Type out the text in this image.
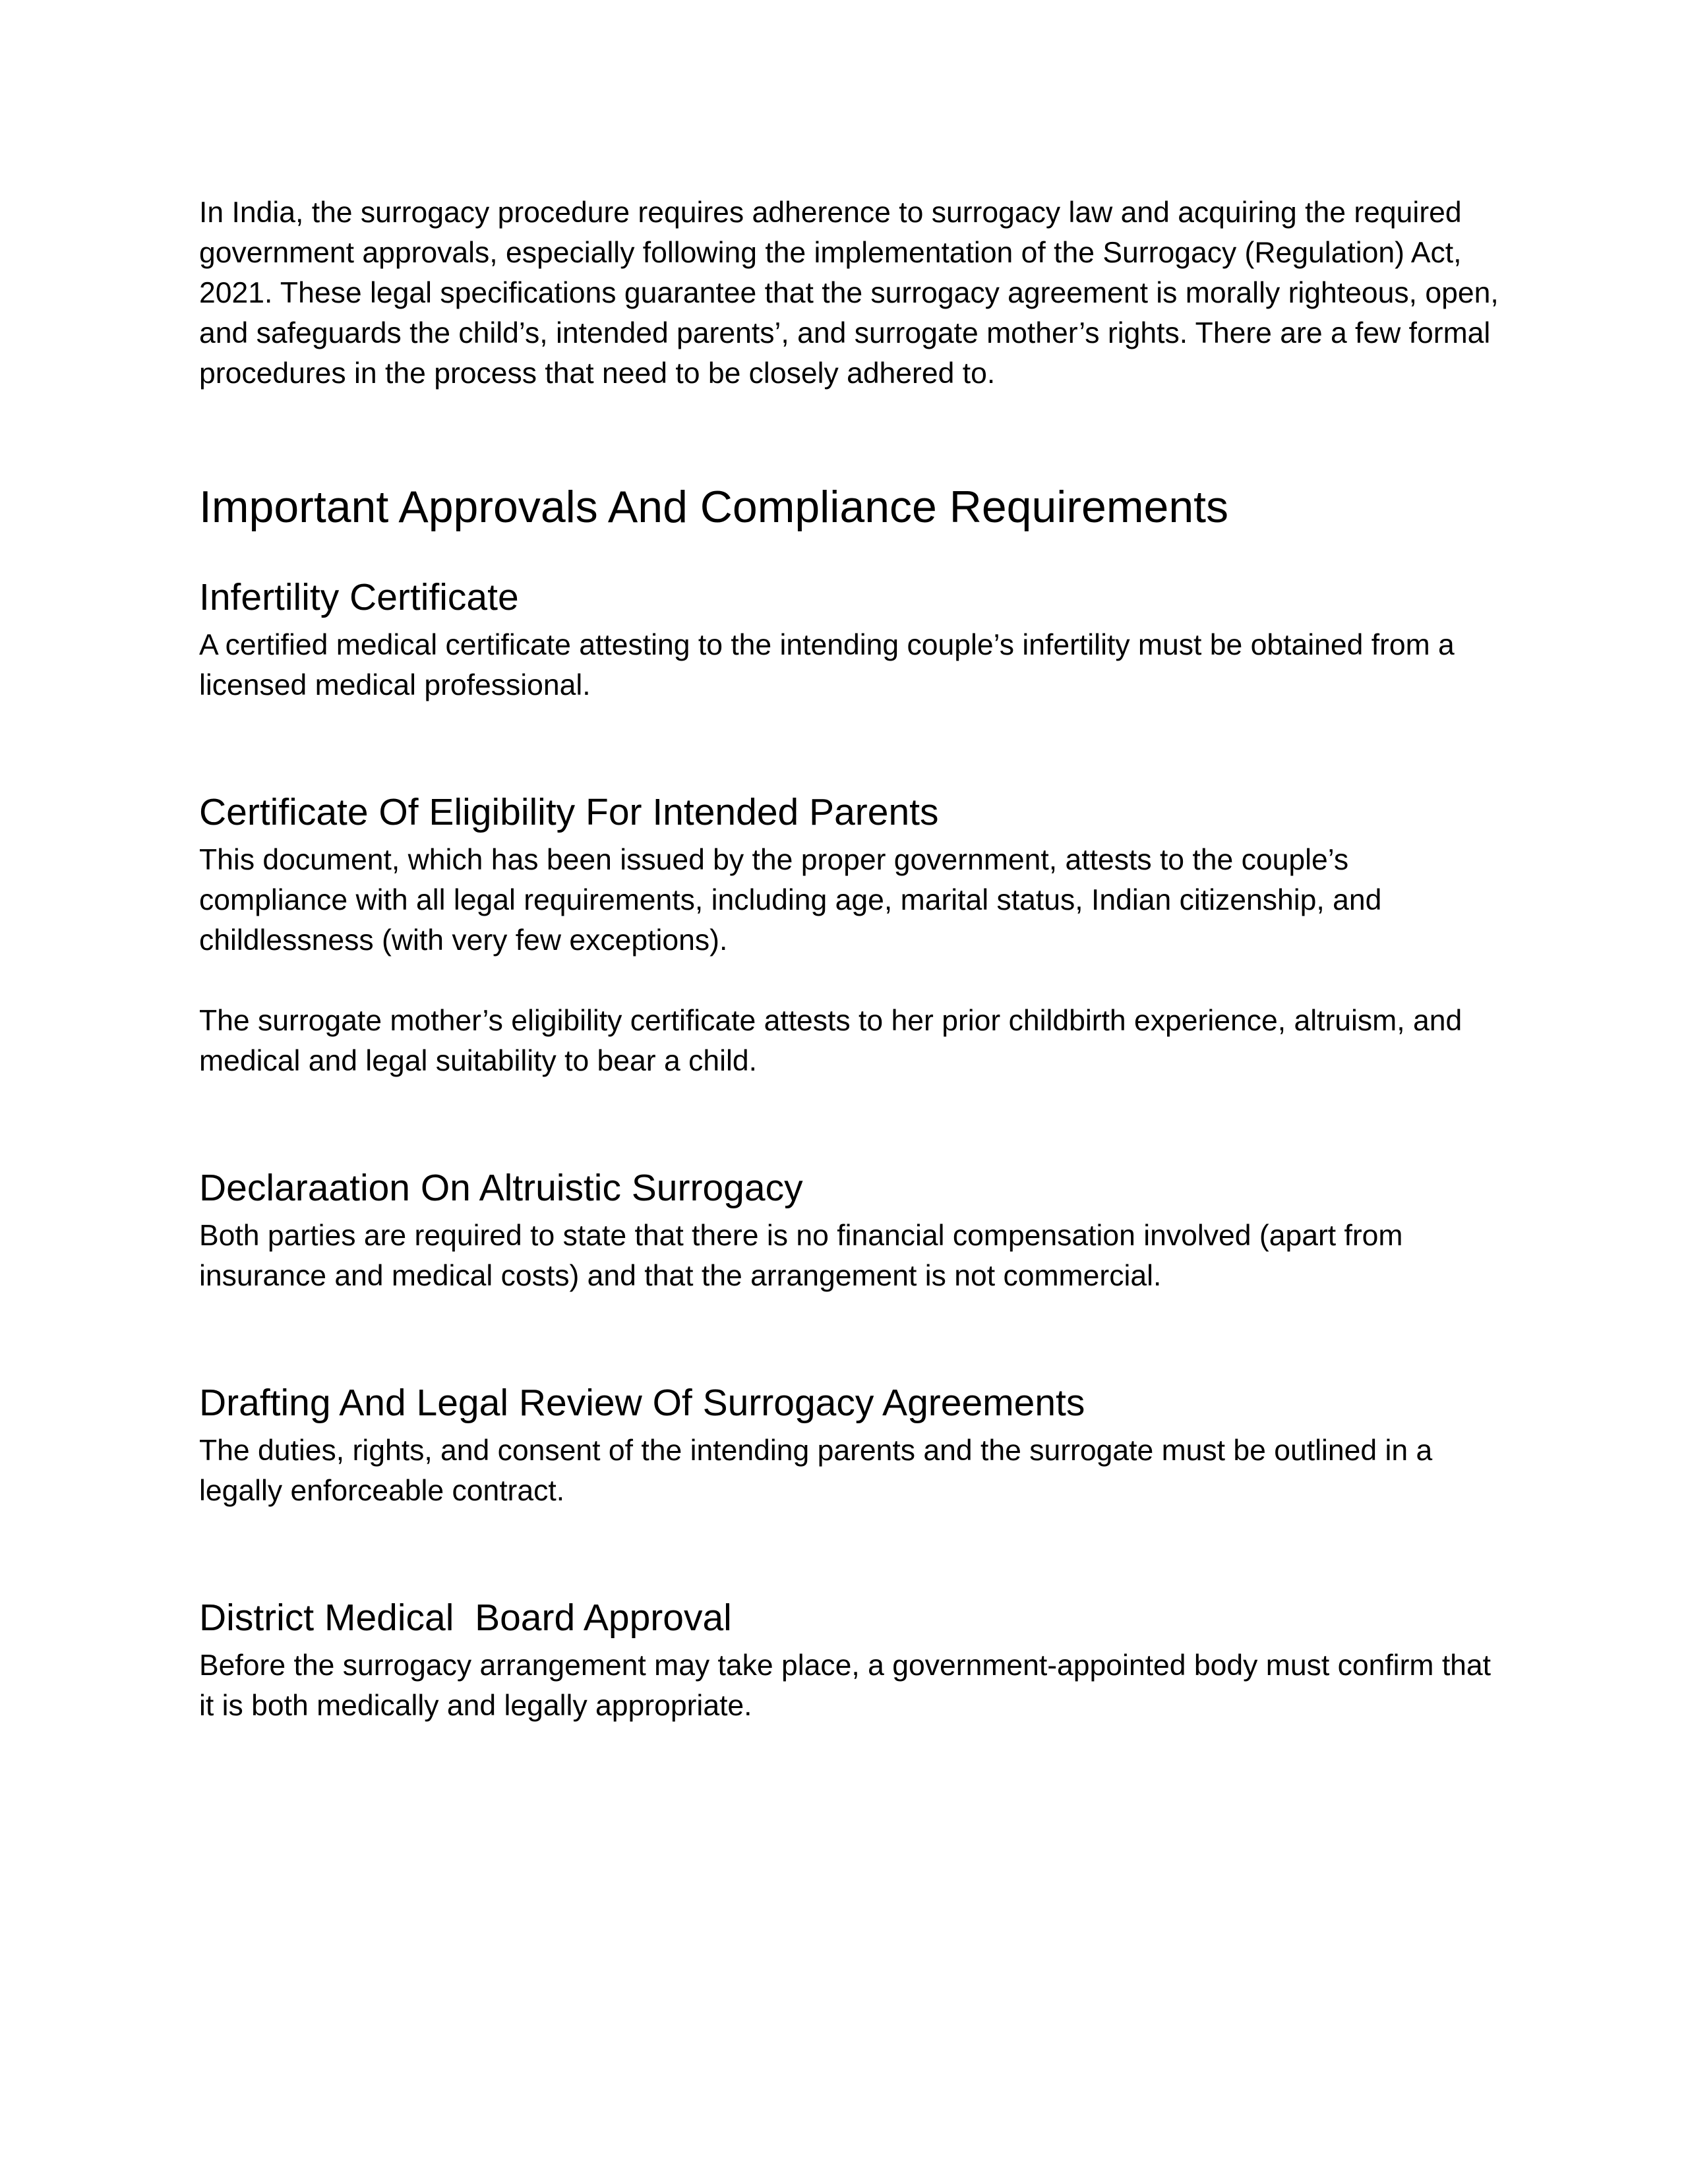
In India, the surrogacy procedure requires adherence to surrogacy law and acquiring the required government approvals, especially following the implementation of the Surrogacy (Regulation) Act, 2021. These legal specifications guarantee that the surrogacy agreement is morally righteous, open, and safeguards the child’s, intended parents’, and surrogate mother’s rights. There are a few formal procedures in the process that need to be closely adhered to.

Important Approvals And Compliance Requirements
Infertility Certificate

A certified medical certificate attesting to the intending couple’s infertility must be obtained from a licensed medical professional.

Certificate Of Eligibility For Intended Parents

This document, which has been issued by the proper government, attests to the couple’s compliance with all legal requirements, including age, marital status, Indian citizenship, and childlessness (with very few exceptions).

The surrogate mother’s eligibility certificate attests to her prior childbirth experience, altruism, and medical and legal suitability to bear a child.

Declaraation On Altruistic Surrogacy

Both parties are required to state that there is no financial compensation involved (apart from insurance and medical costs) and that the arrangement is not commercial.

Drafting And Legal Review Of Surrogacy Agreements

The duties, rights, and consent of the intending parents and the surrogate must be outlined in a legally enforceable contract.

District Medical  Board Approval

Before the surrogacy arrangement may take place, a government-appointed body must confirm that it is both medically and legally appropriate.
